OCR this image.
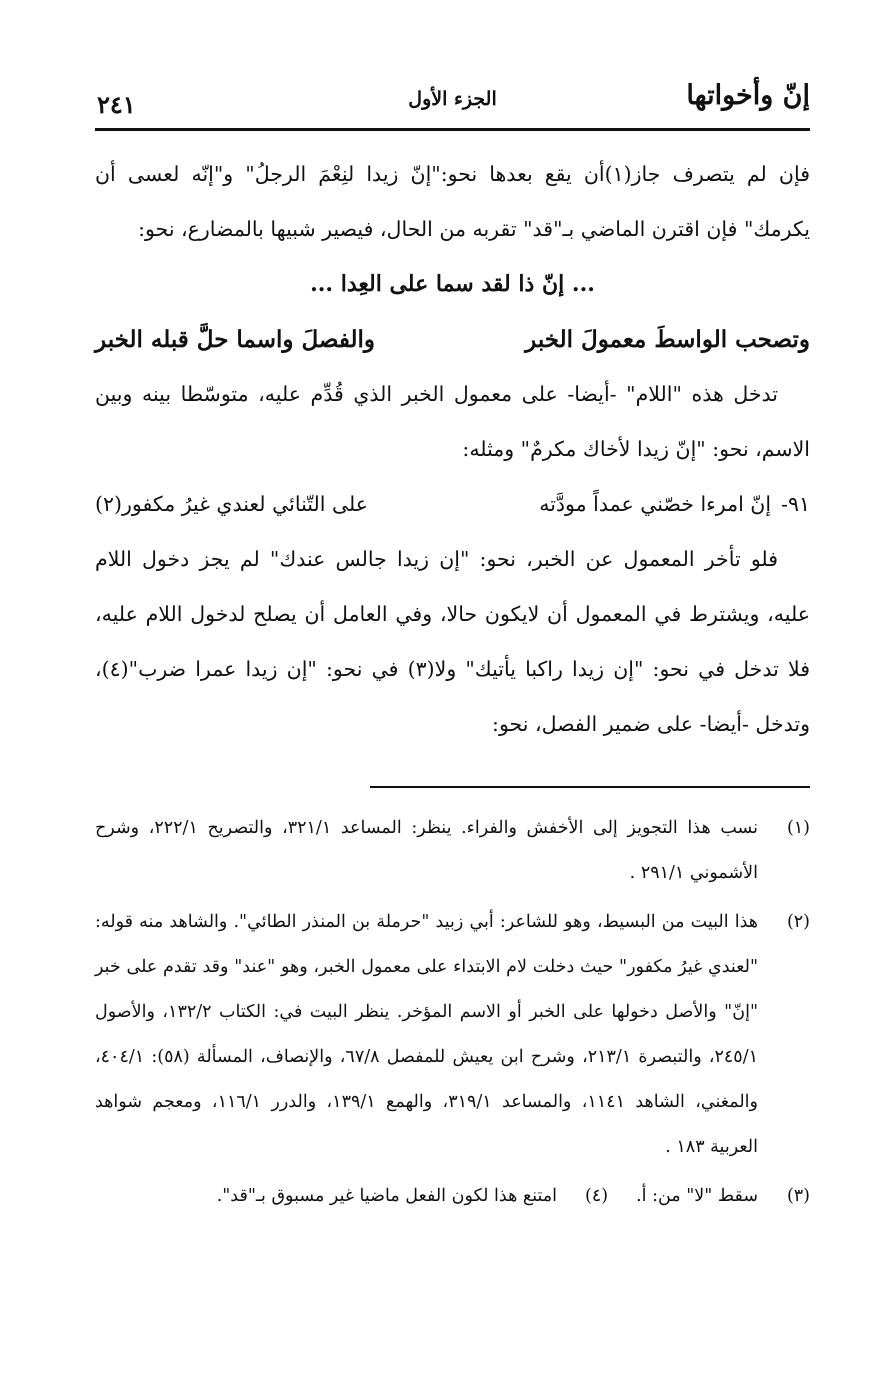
إنّ وأخواتها
الجزء الأول
٢٤١

فإن لم يتصرف جاز(١)أن يقع بعدها نحو:"إنّ زيدا لنِعْمَ الرجلُ" و"إنّه لعسى أن يكرمك" فإن اقترن الماضي بـ"قد" تقربه من الحال، فيصير شبيها بالمضارع، نحو:

... إنّ ذا لقد سما على العِدا ...

وتصحب الواسطَ معمولَ الخبر
والفصلَ واسما حلَّ قبله الخبر

تدخل هذه "اللام" -أيضا- على معمول الخبر الذي قُدِّم عليه، متوسّطا بينه وبين الاسم، نحو: "إنّ زيدا لأخاك مكرمٌ" ومثله:

٩١-
إنّ امرءا خصّني عمداً مودَّته
على التّنائي لعندي غيرُ مكفور(٢)

فلو تأخر المعمول عن الخبر، نحو: "إن زيدا جالس عندك" لم يجز دخول اللام عليه، ويشترط في المعمول أن لايكون حالا، وفي العامل أن يصلح لدخول اللام عليه، فلا تدخل في نحو: "إن زيدا راكبا يأتيك" ولا(٣) في نحو: "إن زيدا عمرا ضرب"(٤)، وتدخل -أيضا- على ضمير الفصل، نحو:

(١)
نسب هذا التجويز إلى الأخفش والفراء. ينظر: المساعد ٣٢١/١، والتصريح ٢٢٢/١، وشرح الأشموني ٢٩١/١ .
(٢)
هذا البيت من البسيط، وهو للشاعر: أبي زبيد "حرملة بن المنذر الطائي". والشاهد منه قوله: "لعندي غيرُ مكفور" حيث دخلت لام الابتداء على معمول الخبر، وهو "عند" وقد تقدم على خبر "إنّ" والأصل دخولها على الخبر أو الاسم المؤخر. ينظر البيت في: الكتاب ١٣٢/٢، والأصول ٢٤٥/١، والتبصرة ٢١٣/١، وشرح ابن يعيش للمفصل ٦٧/٨، والإنصاف، المسألة (٥٨): ٤٠٤/١، والمغني، الشاهد ١١٤١، والمساعد ٣١٩/١، والهمع ١٣٩/١، والدرر ١١٦/١، ومعجم شواهد العربية ١٨٣ .
(٣)
سقط "لا" من: أ.
(٤)
امتنع هذا لكون الفعل ماضيا غير مسبوق بـ"قد".
